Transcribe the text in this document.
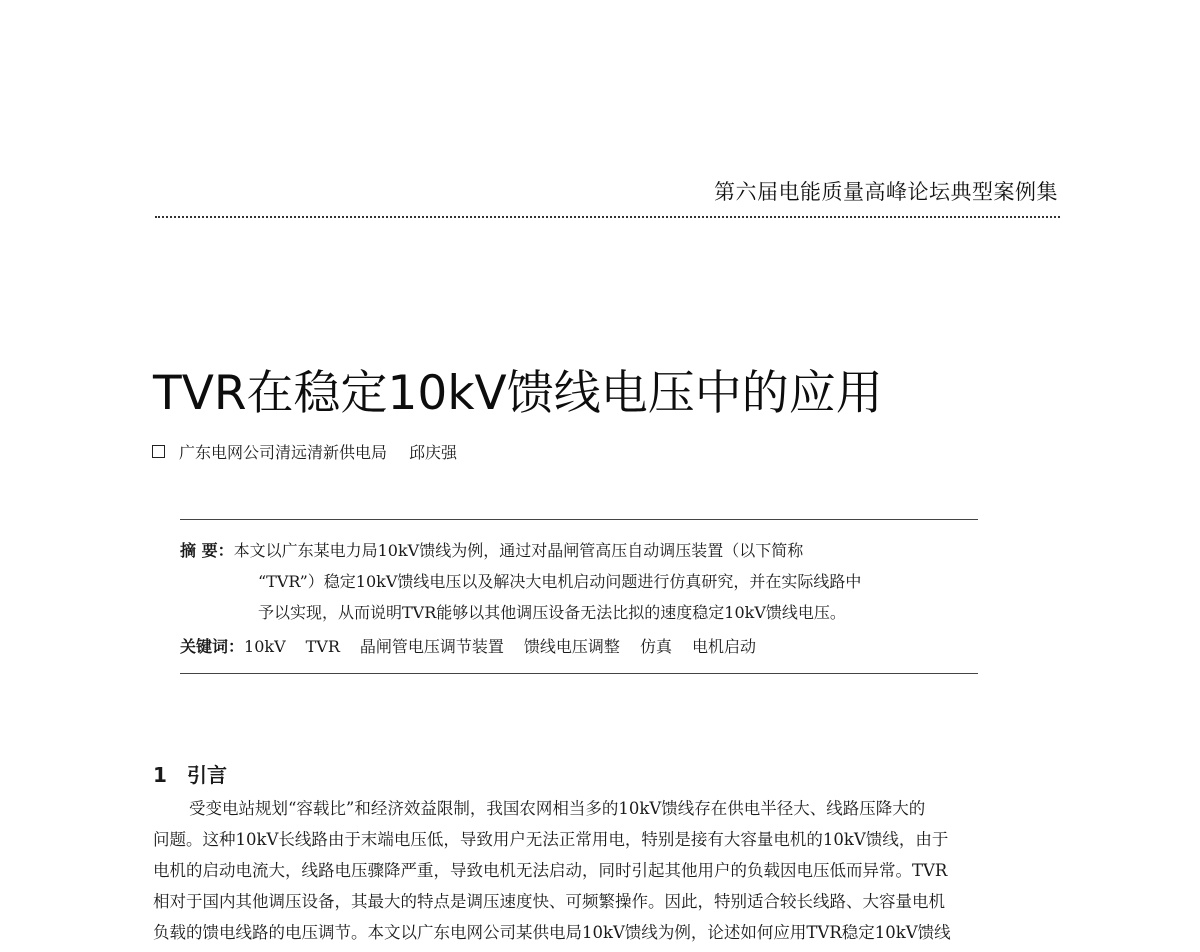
第六届电能质量高峰论坛典型案例集
TVR在稳定10kV馈线电压中的应用
广东电网公司清远清新供电局 邱庆强
摘 要：本文以广东某电力局10kV馈线为例，通过对晶闸管高压自动调压装置（以下简称
“TVR”）稳定10kV馈线电压以及解决大电机启动问题进行仿真研究，并在实际线路中
予以实现，从而说明TVR能够以其他调压设备无法比拟的速度稳定10kV馈线电压。
关键词：10kV TVR 晶闸管电压调节装置 馈线电压调整 仿真 电机启动
1 引言
受变电站规划“容载比”和经济效益限制，我国农网相当多的10kV馈线存在供电半径大、线路压降大的
问题。这种10kV长线路由于末端电压低，导致用户无法正常用电，特别是接有大容量电机的10kV馈线，由于
电机的启动电流大，线路电压骤降严重，导致电机无法启动，同时引起其他用户的负载因电压低而异常。TVR
相对于国内其他调压设备，其最大的特点是调压速度快、可频繁操作。因此，特别适合较长线路、大容量电机
负载的馈电线路的电压调节。本文以广东电网公司某供电局10kV馈线为例，论述如何应用TVR稳定10kV馈线
